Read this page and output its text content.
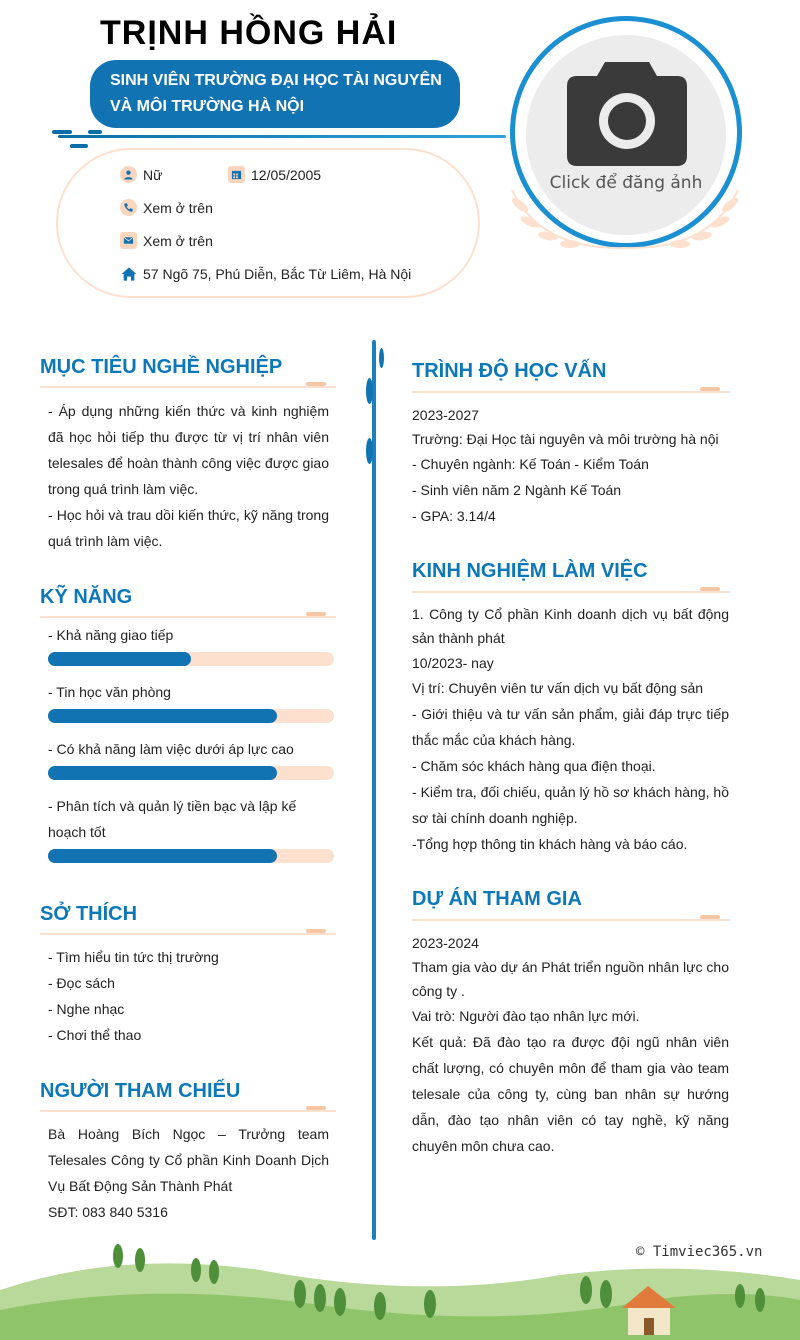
TRỊNH HỒNG HẢI
SINH VIÊN TRƯỜNG ĐẠI HỌC TÀI NGUYÊN
VÀ MÔI TRƯỜNG HÀ NỘI
Nữ	12/05/2005
Xem ở trên
Xem ở trên
57 Ngõ 75, Phú Diễn, Bắc Từ Liêm, Hà Nội
Click để đăng ảnh
MỤC TIÊU NGHỀ NGHIỆP
- Áp dụng những kiến thức và kinh nghiệm đã học hỏi tiếp thu được từ vị trí nhân viên telesales để hoàn thành công việc được giao trong quá trình làm việc.
- Học hỏi và trau dồi kiến thức, kỹ năng trong quá trình làm việc.
KỸ NĂNG
- Khả năng giao tiếp
- Tin học văn phòng
- Có khả năng làm việc dưới áp lực cao
- Phân tích và quản lý tiền bạc và lập kế hoạch tốt
SỞ THÍCH
- Tìm hiểu tin tức thị trường
- Đọc sách
- Nghe nhạc
- Chơi thể thao
NGƯỜI THAM CHIẾU
Bà Hoàng Bích Ngọc – Trưởng team Telesales Công ty Cổ phần Kinh Doanh Dịch Vụ Bất Động Sản Thành Phát
SĐT: 083 840 5316
TRÌNH ĐỘ HỌC VẤN
2023-2027
Trường: Đại Học tài nguyên và môi trường hà nội
- Chuyên ngành: Kế Toán - Kiểm Toán
- Sinh viên năm 2 Ngành Kế Toán
- GPA: 3.14/4
KINH NGHIỆM LÀM VIỆC
1. Công ty Cổ phần Kinh doanh dịch vụ bất động sản thành phát
10/2023- nay
Vị trí: Chuyên viên tư vấn dịch vụ bất động sản
- Giới thiệu và tư vấn sản phẩm, giải đáp trực tiếp thắc mắc của khách hàng.
- Chăm sóc khách hàng qua điện thoại.
- Kiểm tra, đối chiếu, quản lý hồ sơ khách hàng, hồ sơ tài chính doanh nghiệp.
-Tổng hợp thông tin khách hàng và báo cáo.
DỰ ÁN THAM GIA
2023-2024
Tham gia vào dự án Phát triển nguồn nhân lực cho công ty .
Vai trò: Người đào tạo nhân lực mới.
Kết quả: Đã đào tạo ra được đội ngũ nhân viên chất lượng, có chuyên môn để tham gia vào team telesale của công ty, cùng ban nhân sự hướng dẫn, đào tạo nhân viên có tay nghề, kỹ năng chuyên môn chưa cao.
© Timviec365.vn
